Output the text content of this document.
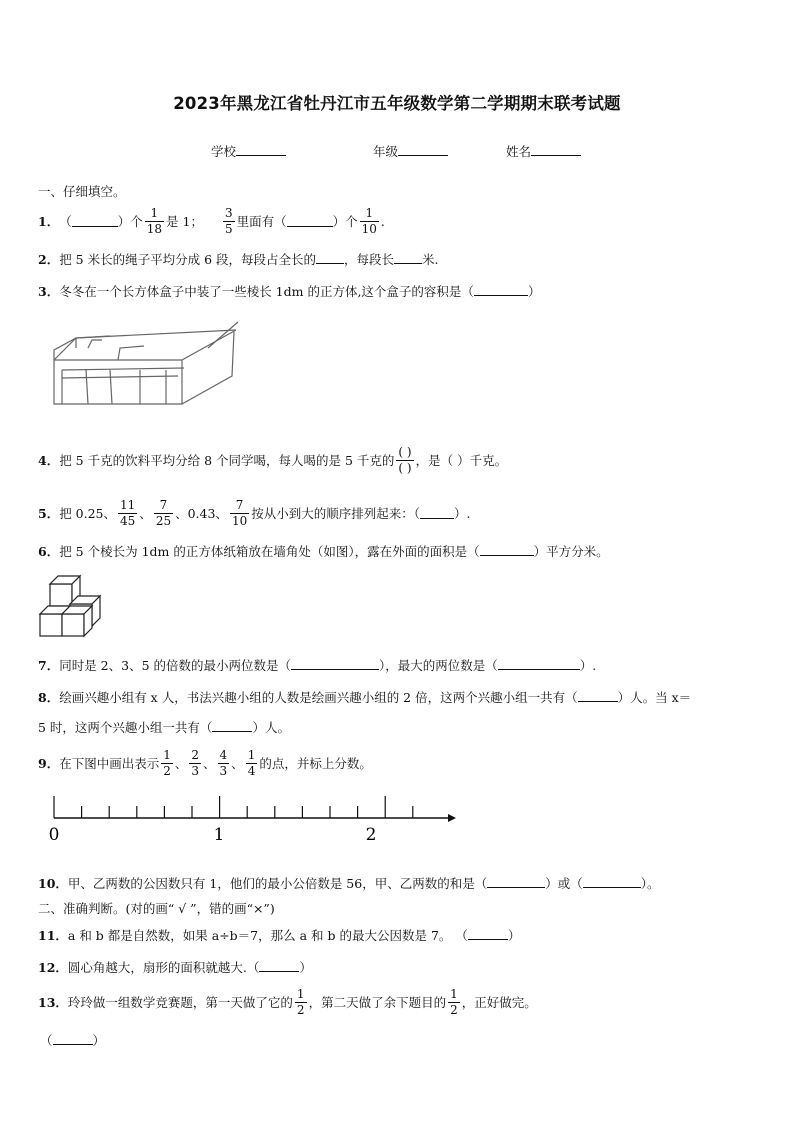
2023年黑龙江省牡丹江市五年级数学第二学期期末联考试题
学校	年级	姓名
一、仔细填空。
1． （	）个 $\frac{1}{18}$ 是 1； $\frac{3}{5}$ 里面有（	）个 $\frac{1}{10}$ .
2．把 5 米长的绳子平均分成 6 段，每段占全长的 ，每段长 米.
3．冬冬在一个长方体盒子中装了一些棱长 1dm 的正方体,这个盒子的容积是（	）
4． 把 5 千克的饮料平均分给 8 个同学喝，每人喝的是 5 千克的 $\frac{( )}{( )}$ ，是（ ）千克。
5． 把 0.25、 $\frac{11}{45}$ 、 $\frac{7}{25}$ 、0.43、 $\frac{7}{10}$ 按从小到大的顺序排列起来：（	）.
6．把 5 个棱长为 1dm 的正方体纸箱放在墙角处（如图），露在外面的面积是（	）平方分米。
7．同时是 2、3、5 的倍数的最小两位数是（	），最大的两位数是（	）.
8．绘画兴趣小组有 x 人，书法兴趣小组的人数是绘画兴趣小组的 2 倍，这两个兴趣小组一共有（	）人。当 x＝
5 时，这两个兴趣小组一共有（	）人。
9． 在下图中画出表示 $\frac{1}{2}$ 、 $\frac{2}{3}$ 、 $\frac{4}{3}$ 、 $\frac{1}{4}$ 的点，并标上分数。
0	1	2
10．甲、乙两数的公因数只有 1，他们的最小公倍数是 56，甲、乙两数的和是（	）或（	）。
二、准确判断。(对的画“ √ ”，错的画“×”)
11．a 和 b 都是自然数，如果 a÷b＝7，那么 a 和 b 的最大公因数是 7。 （	）
12．圆心角越大，扇形的面积就越大.（	）
13． 玲玲做一组数学竞赛题，第一天做了它的 $\frac{1}{2}$ ，第二天做了余下题目的 $\frac{1}{2}$ ，正好做完。
（	）
